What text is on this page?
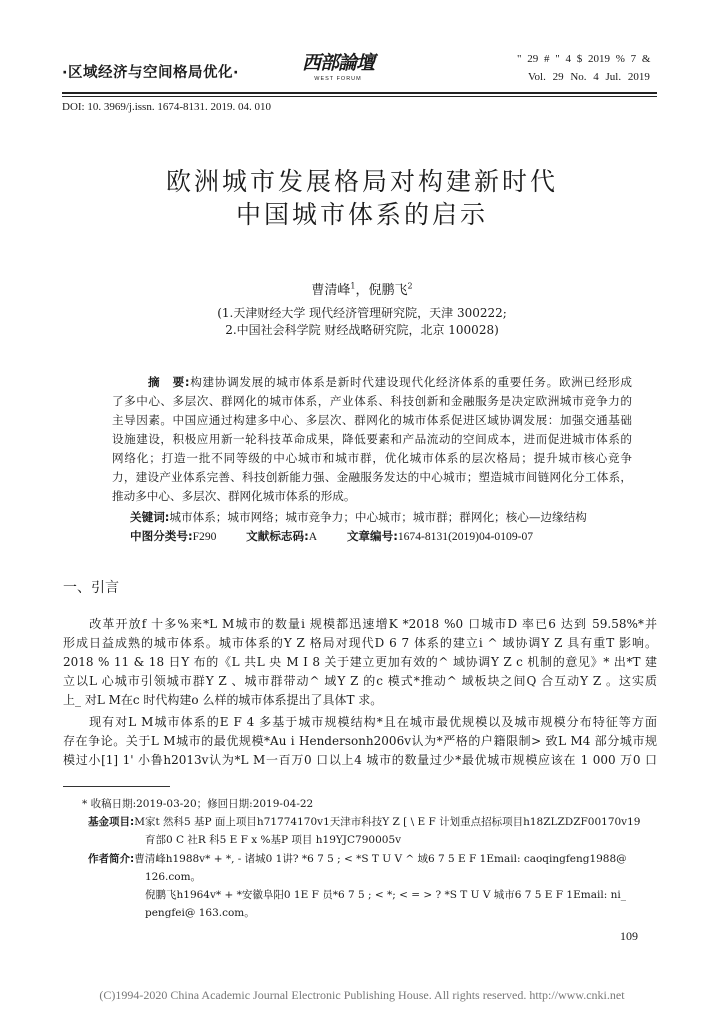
·区域经济与空间格局优化·	西部論壇
WEST FORUM
" 29 # " 4 $ 2019 % 7 &
Vol. 29 No. 4 Jul. 2019
DOI: 10. 3969/j.issn. 1674-8131. 2019. 04. 010
欧洲城市发展格局对构建新时代
中国城市体系的启示
曹清峰$^1$，倪鹏飞$^2$
(1.天津财经大学 现代经济管理研究院，天津 300222;
2.中国社会科学院 财经战略研究院，北京 100028)
摘　要:构建协调发展的城市体系是新时代建设现代化经济体系的重要任务。欧洲已经形成
了多中心、多层次、群网化的城市体系，产业体系、科技创新和金融服务是决定欧洲城市竞争力的
主导因素。中国应通过构建多中心、多层次、群网化的城市体系促进区域协调发展：加强交通基础
设施建设，积极应用新一轮科技革命成果，降低要素和产品流动的空间成本，进而促进城市体系的
网络化；打造一批不同等级的中心城市和城市群，优化城市体系的层次格局；提升城市核心竞争
力，建设产业体系完善、科技创新能力强、金融服务发达的中心城市；塑造城市间链网化分工体系，
推动多中心、多层次、群网化城市体系的形成。
关键词:城市体系；城市网络；城市竞争力；中心城市；城市群；群网化；核心—边缘结构
中图分类号:F290	文献标志码:A	文章编号:1674-8131(2019)04-0109-07
一、引言
　　改革开放f 十多%来*L M城市的数量i 规模都迅速增K *2018 %0 口城市D 率已6 达到 59.58%*并
形成日益成熟的城市体系。城市体系的Y Z 格局对现代D 6 7 体系的建立i ^ 域协调Y Z 具有重T 影响。
2018 % 11 & 18 日Y 布的《L 共L 央 M I 8 关于建立更加有效的^ 域协调Y Z c 机制的意见》* 出*T 建
立以L 心城市引领城市群Y Z 、城市群带动^ 域Y Z 的c 模式*推动^ 域板块之间Q 合互动Y Z 。这实质
上_ 对L M在c 时代构建o 么样的城市体系提出了具体T 求。
　　现有对L M城市体系的E F 4 多基于城市规模结构*且在城市最优规模以及城市规模分布特征等方面
存在争论。关于L M城市的最优规模*Au i Hendersonh2006v认为*严格的户籍限制> 致L M4 部分城市规
模过小[1] 1' 小鲁h2013v认为*L M一百万0 口以上4 城市的数量过少*最优城市规模应该在 1 000 万0 口
* 收稿日期:2019-03-20；修回日期:2019-04-22
基金项目:M家t 然科5 基P 面上项目h71774170v1天津市科技Y Z [ \ E F 计划重点招标项目h18ZLZDZF00170v19
育部0 C 社R 科5 E F x %基P 项目 h19YJC790005v
作者简介:曹清峰h1988v* + *, - 诸城0 1讲? *6 7 5 ; < *S T U V ^ 域6 7 5 E F 1Email: caoqingfeng1988@
126.com。
倪鹏飞h1964v* + *安徽阜阳0 1E F 员*6 7 5 ; < *; < = > ? *S T U V 城市6 7 5 E F 1Email: ni_
pengfei@ 163.com。
109
(C)1994-2020 China Academic Journal Electronic Publishing House. All rights reserved. http://www.cnki.net
